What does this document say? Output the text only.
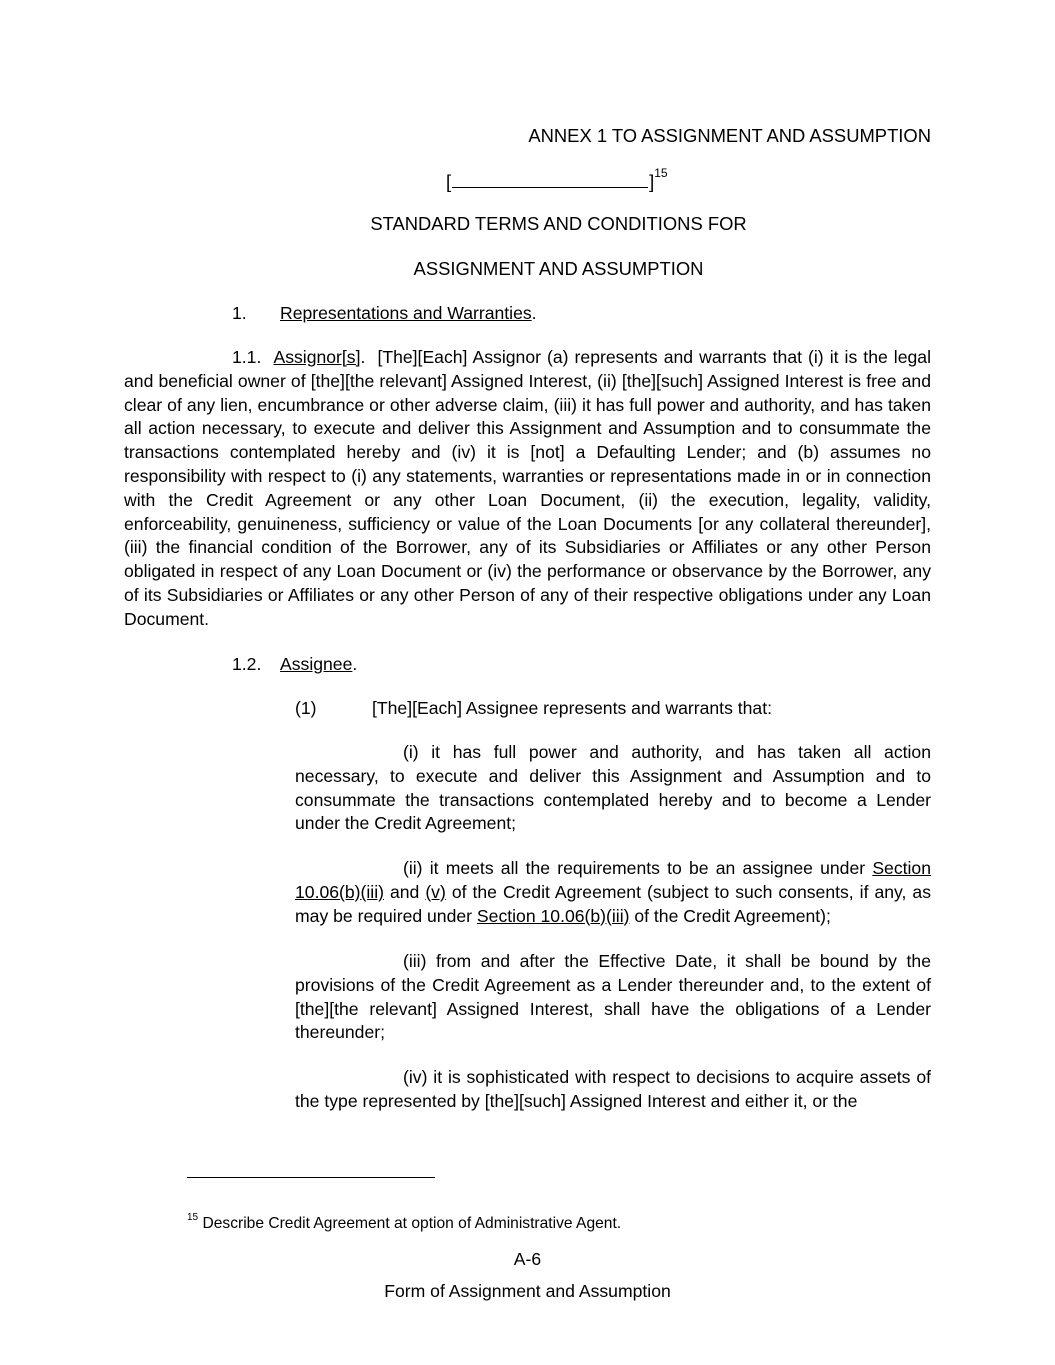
ANNEX 1 TO ASSIGNMENT AND ASSUMPTION
[	]$^{15}$
STANDARD TERMS AND CONDITIONS FOR
ASSIGNMENT AND ASSUMPTION
1. Representations and Warranties.
1.1. Assignor[s]. [The][Each] Assignor (a) represents and warrants that (i) it is the legal and beneficial owner of [the][the relevant] Assigned Interest, (ii) [the][such] Assigned Interest is free and clear of any lien, encumbrance or other adverse claim, (iii) it has full power and authority, and has taken all action necessary, to execute and deliver this Assignment and Assumption and to consummate the transactions contemplated hereby and (iv) it is [not] a Defaulting Lender; and (b) assumes no responsibility with respect to (i) any statements, warranties or representations made in or in connection with the Credit Agreement or any other Loan Document, (ii) the execution, legality, validity, enforceability, genuineness, sufficiency or value of the Loan Documents [or any collateral thereunder], (iii) the financial condition of the Borrower, any of its Subsidiaries or Affiliates or any other Person obligated in respect of any Loan Document or (iv) the performance or observance by the Borrower, any of its Subsidiaries or Affiliates or any other Person of any of their respective obligations under any Loan Document.
1.2. Assignee.
(1)	[The][Each] Assignee represents and warrants that:
(i) it has full power and authority, and has taken all action necessary, to execute and deliver this Assignment and Assumption and to consummate the transactions contemplated hereby and to become a Lender under the Credit Agreement;
(ii) it meets all the requirements to be an assignee under Section 10.06(b)(iii) and (v) of the Credit Agreement (subject to such consents, if any, as may be required under Section 10.06(b)(iii) of the Credit Agreement);
(iii) from and after the Effective Date, it shall be bound by the provisions of the Credit Agreement as a Lender thereunder and, to the extent of [the][the relevant] Assigned Interest, shall have the obligations of a Lender thereunder;
(iv) it is sophisticated with respect to decisions to acquire assets of the type represented by [the][such] Assigned Interest and either it, or the
$^{15}$ Describe Credit Agreement at option of Administrative Agent.
A-6
Form of Assignment and Assumption
